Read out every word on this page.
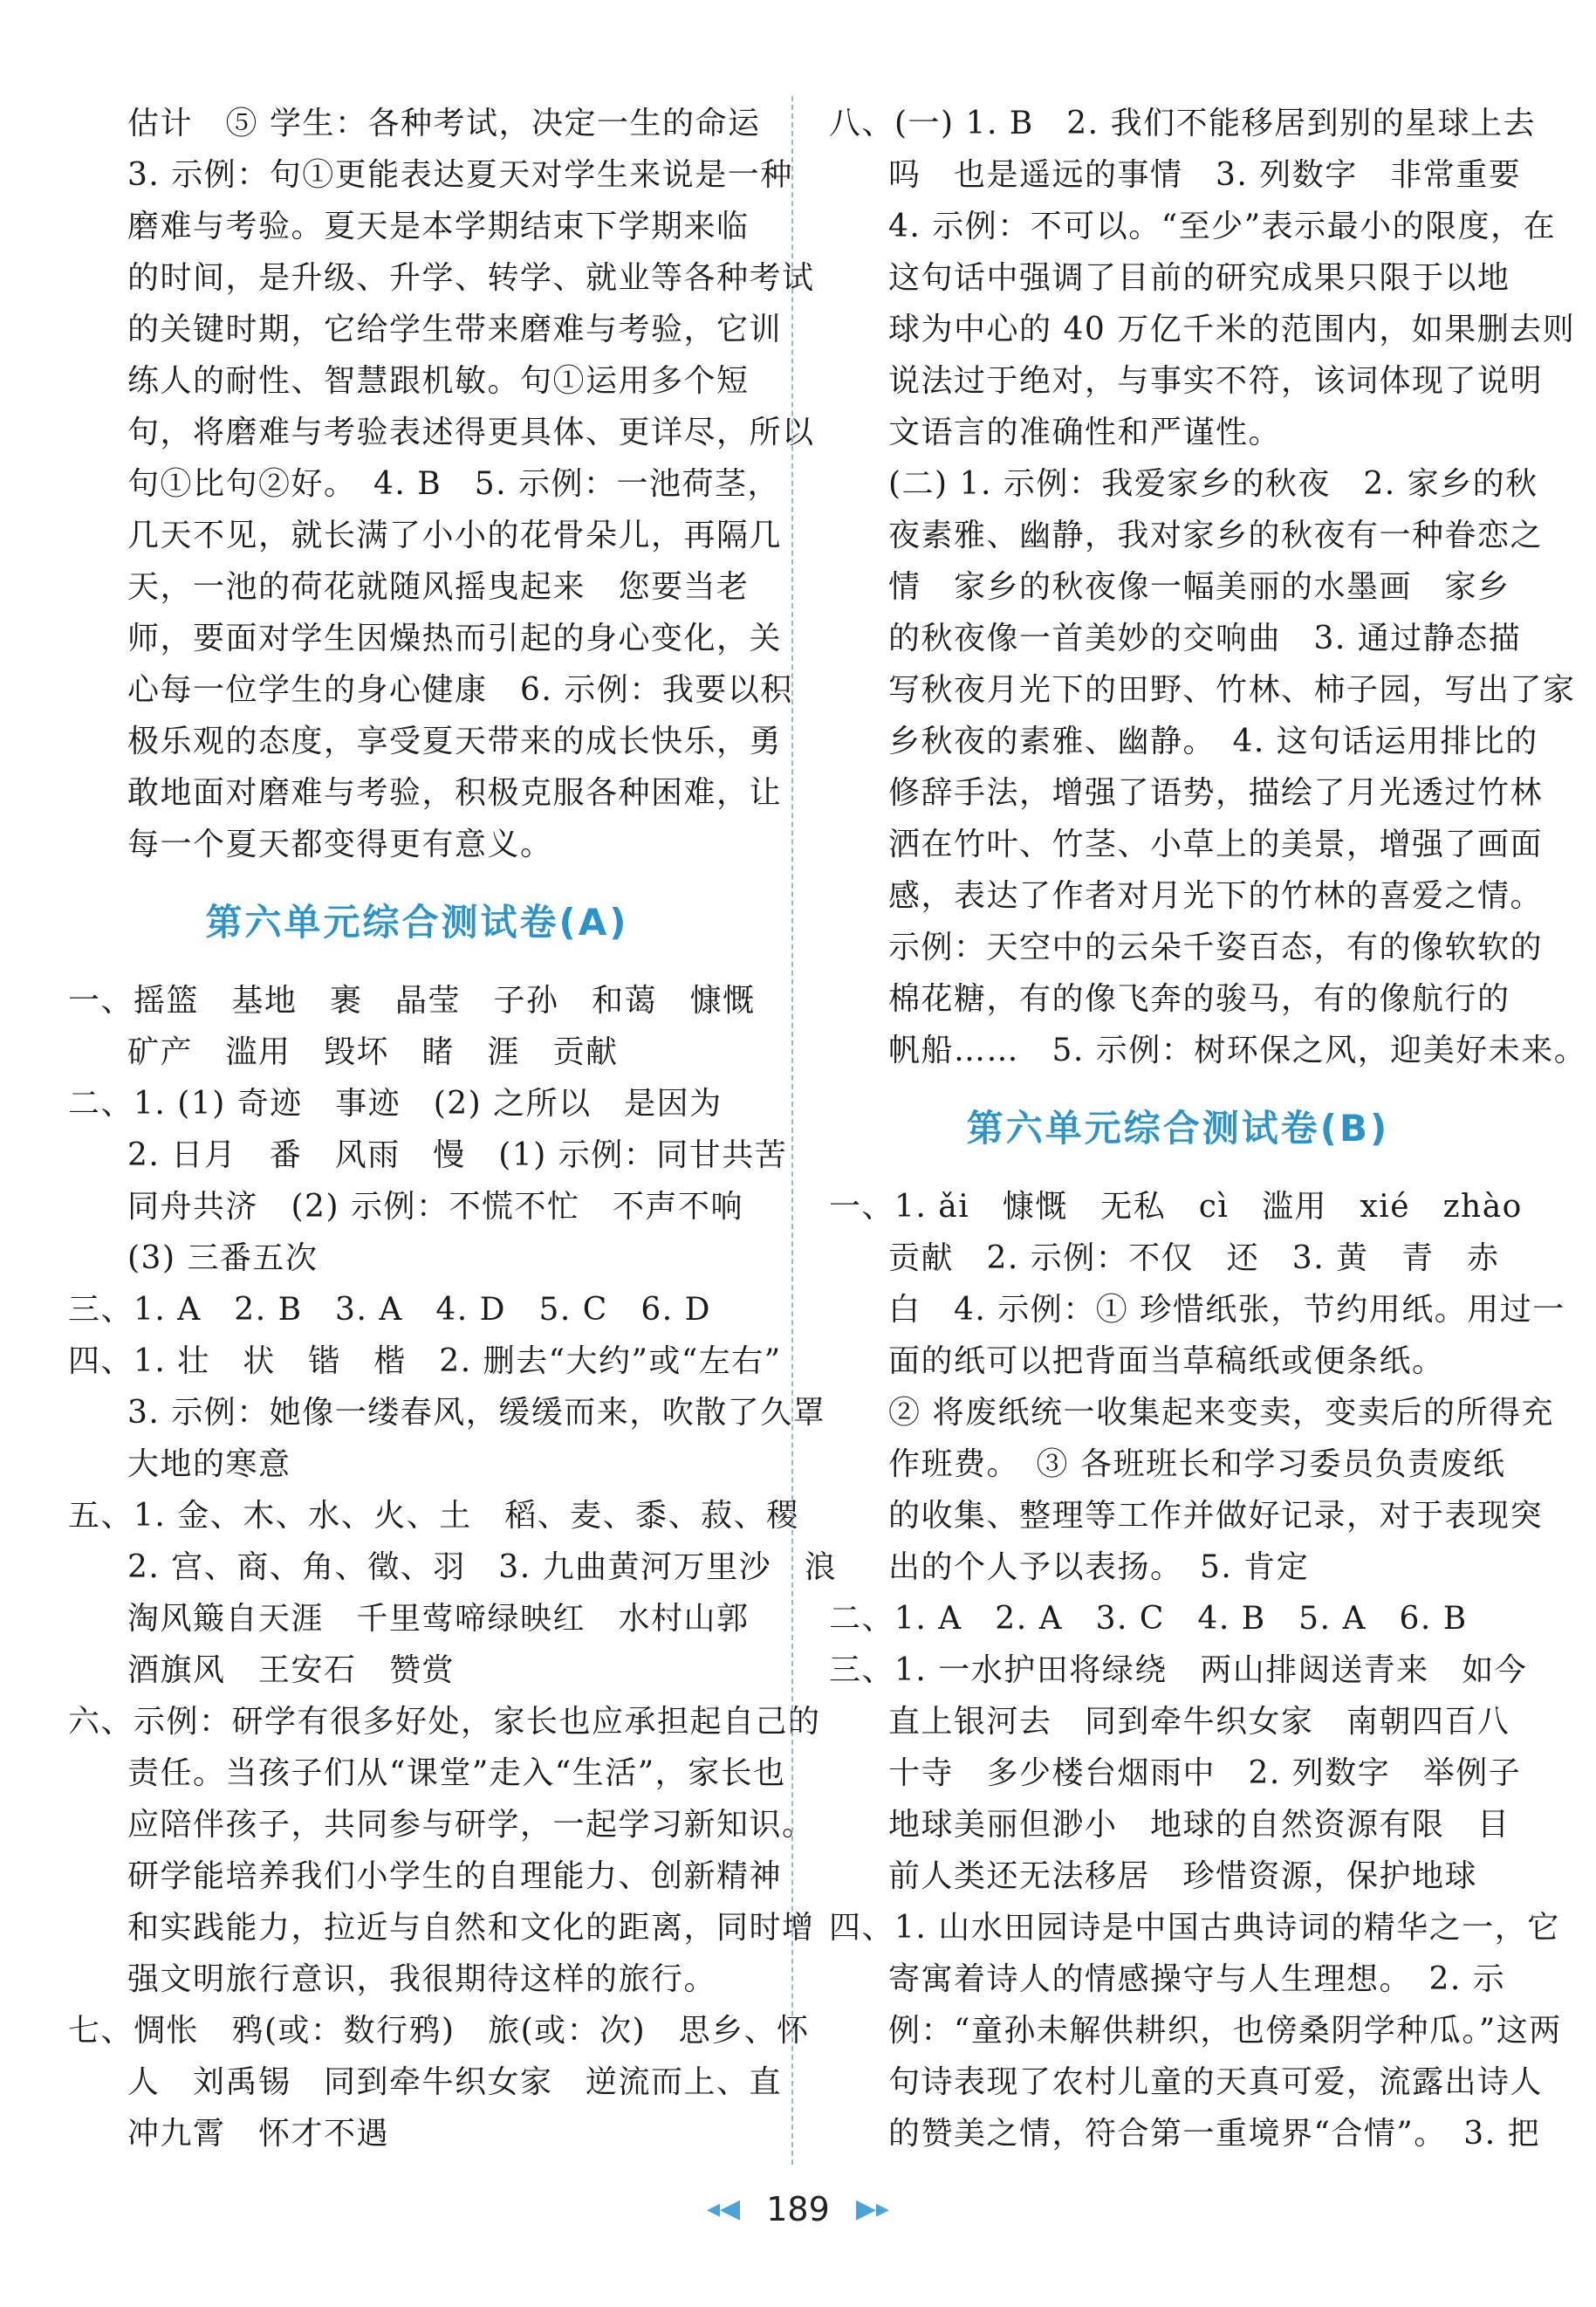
估计　⑤ 学生：各种考试，决定一生的命运
3. 示例：句①更能表达夏天对学生来说是一种
磨难与考验。夏天是本学期结束下学期来临
的时间，是升级、升学、转学、就业等各种考试
的关键时期，它给学生带来磨难与考验，它训
练人的耐性、智慧跟机敏。句①运用多个短
句，将磨难与考验表述得更具体、更详尽，所以
句①比句②好。　4. B　5. 示例：一池荷茎，
几天不见，就长满了小小的花骨朵儿，再隔几
天，一池的荷花就随风摇曳起来　您要当老
师，要面对学生因燥热而引起的身心变化，关
心每一位学生的身心健康　6. 示例：我要以积
极乐观的态度，享受夏天带来的成长快乐，勇
敢地面对磨难与考验，积极克服各种困难，让
每一个夏天都变得更有意义。
第六单元综合测试卷(A)
一、摇篮　基地　裹　晶莹　子孙　和蔼　慷慨
矿产　滥用　毁坏　睹　涯　贡献
二、1. (1) 奇迹　事迹　(2) 之所以　是因为
2. 日月　番　风雨　慢　(1) 示例：同甘共苦
同舟共济　(2) 示例：不慌不忙　不声不响
(3) 三番五次
三、1. A　2. B　3. A　4. D　5. C　6. D
四、1. 壮　状　锴　楷　2. 删去“大约”或“左右”
3. 示例：她像一缕春风，缓缓而来，吹散了久罩
大地的寒意
五、1. 金、木、水、火、土　稻、麦、黍、菽、稷
2. 宫、商、角、徵、羽　3. 九曲黄河万里沙　浪
淘风簸自天涯　千里莺啼绿映红　水村山郭
酒旗风　王安石　赞赏
六、示例：研学有很多好处，家长也应承担起自己的
责任。当孩子们从“课堂”走入“生活”，家长也
应陪伴孩子，共同参与研学，一起学习新知识。
研学能培养我们小学生的自理能力、创新精神
和实践能力，拉近与自然和文化的距离，同时增
强文明旅行意识，我很期待这样的旅行。
七、惆怅　鸦(或：数行鸦)　旅(或：次)　思乡、怀
人　刘禹锡　同到牵牛织女家　逆流而上、直
冲九霄　怀才不遇
八、(一) 1. B　2. 我们不能移居到别的星球上去
吗　也是遥远的事情　3. 列数字　非常重要
4. 示例：不可以。“至少”表示最小的限度，在
这句话中强调了目前的研究成果只限于以地
球为中心的 40 万亿千米的范围内，如果删去则
说法过于绝对，与事实不符，该词体现了说明
文语言的准确性和严谨性。
(二) 1. 示例：我爱家乡的秋夜　2. 家乡的秋
夜素雅、幽静，我对家乡的秋夜有一种眷恋之
情　家乡的秋夜像一幅美丽的水墨画　家乡
的秋夜像一首美妙的交响曲　3. 通过静态描
写秋夜月光下的田野、竹林、柿子园，写出了家
乡秋夜的素雅、幽静。　4. 这句话运用排比的
修辞手法，增强了语势，描绘了月光透过竹林
洒在竹叶、竹茎、小草上的美景，增强了画面
感，表达了作者对月光下的竹林的喜爱之情。
示例：天空中的云朵千姿百态，有的像软软的
棉花糖，有的像飞奔的骏马，有的像航行的
帆船……　5. 示例：树环保之风，迎美好未来。
第六单元综合测试卷(B)
一、1. ǎi　慷慨　无私　cì　滥用　xié　zhào
贡献　2. 示例：不仅　还　3. 黄　青　赤
白　4. 示例：① 珍惜纸张，节约用纸。用过一
面的纸可以把背面当草稿纸或便条纸。
② 将废纸统一收集起来变卖，变卖后的所得充
作班费。　③ 各班班长和学习委员负责废纸
的收集、整理等工作并做好记录，对于表现突
出的个人予以表扬。　5. 肯定
二、1. A　2. A　3. C　4. B　5. A　6. B
三、1. 一水护田将绿绕　两山排闼送青来　如今
直上银河去　同到牵牛织女家　南朝四百八
十寺　多少楼台烟雨中　2. 列数字　举例子
地球美丽但渺小　地球的自然资源有限　目
前人类还无法移居　珍惜资源，保护地球
四、1. 山水田园诗是中国古典诗词的精华之一，它
寄寓着诗人的情感操守与人生理想。　2. 示
例：“童孙未解供耕织，也傍桑阴学种瓜。”这两
句诗表现了农村儿童的天真可爱，流露出诗人
的赞美之情，符合第一重境界“合情”。　3. 把
◂◀ 189 ▶▸
